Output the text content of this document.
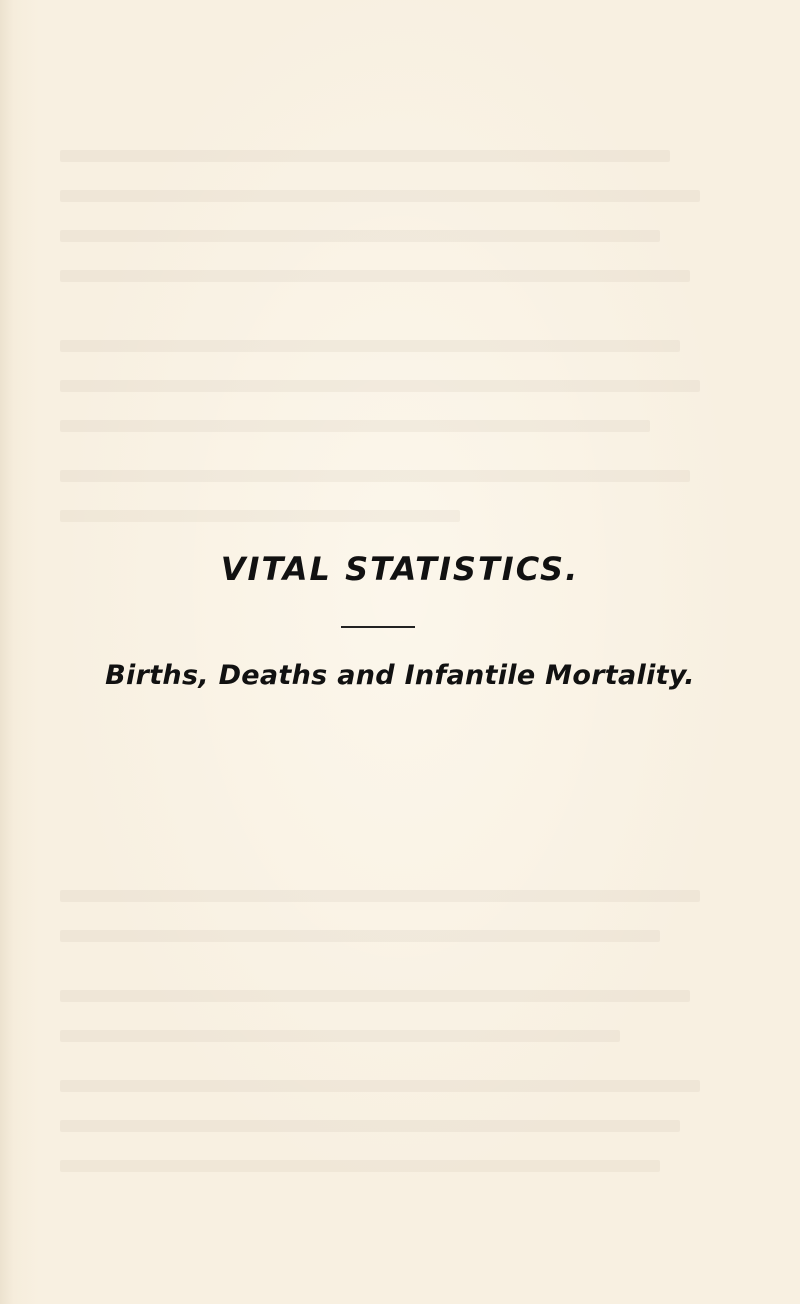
VITAL STATISTICS.
Births, Deaths and Infantile Mortality.
